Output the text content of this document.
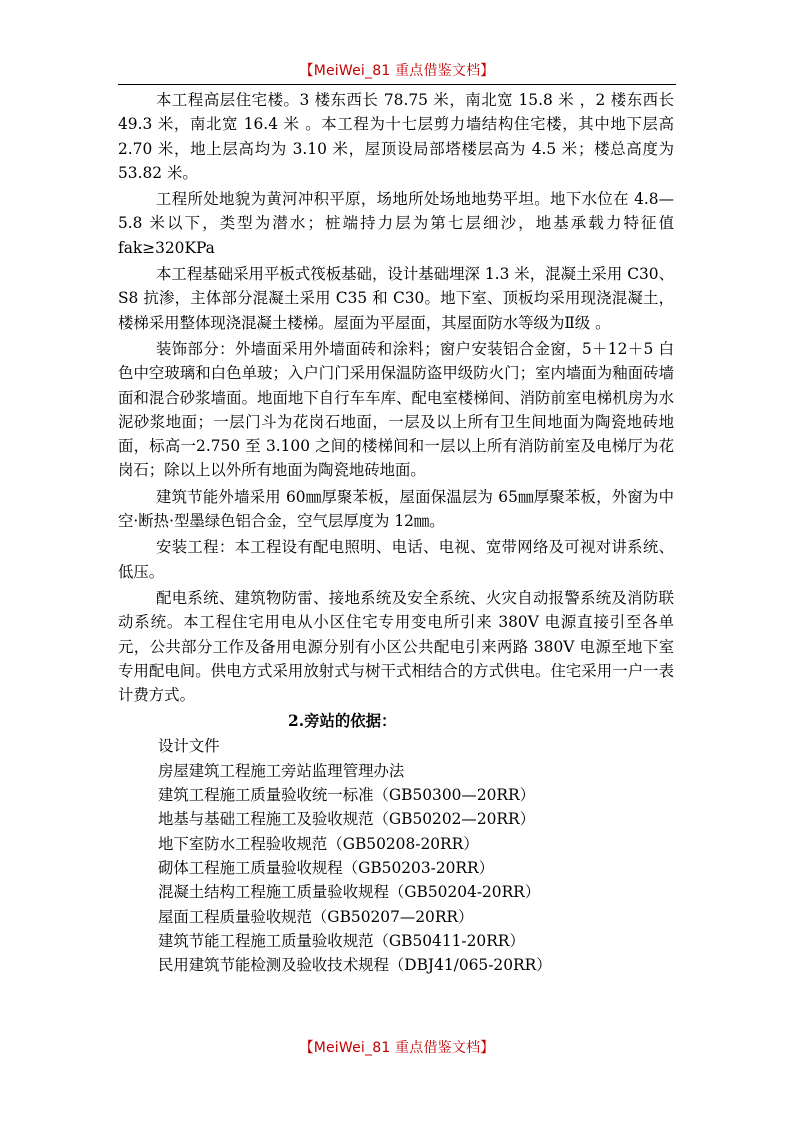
【MeiWei_81 重点借鉴文档】

本工程高层住宅楼。3 楼东西长 78.75 米，南北宽 15.8 米 ，2 楼东西长 49.3 米，南北宽 16.4 米 。本工程为十七层剪力墙结构住宅楼，其中地下层高 2.70 米，地上层高均为 3.10 米，屋顶设局部塔楼层高为 4.5 米；楼总高度为 53.82 米。

工程所处地貌为黄河冲积平原，场地所处场地地势平坦。地下水位在 4.8—5.8 米以下，类型为潜水；桩端持力层为第七层细沙，地基承载力特征值 fak≥320KPa

本工程基础采用平板式筏板基础，设计基础埋深 1.3 米，混凝土采用 C30、S8 抗渗，主体部分混凝土采用 C35 和 C30。地下室、顶板均采用现浇混凝土，楼梯采用整体现浇混凝土楼梯。屋面为平屋面，其屋面防水等级为Ⅱ级 。

装饰部分：外墙面采用外墙面砖和涂料；窗户安装铝合金窗，5＋12＋5 白色中空玻璃和白色单玻；入户门门采用保温防盗甲级防火门；室内墙面为釉面砖墙面和混合砂浆墙面。地面地下自行车车库、配电室楼梯间、消防前室电梯机房为水泥砂浆地面；一层门斗为花岗石地面，一层及以上所有卫生间地面为陶瓷地砖地面，标高一2.750 至 3.100 之间的楼梯间和一层以上所有消防前室及电梯厅为花岗石；除以上以外所有地面为陶瓷地砖地面。

建筑节能外墙采用 60㎜厚聚苯板，屋面保温层为 65㎜厚聚苯板，外窗为中空·断热·型墨绿色铝合金，空气层厚度为 12㎜。

安装工程：本工程设有配电照明、电话、电视、宽带网络及可视对讲系统、低压。

配电系统、建筑物防雷、接地系统及安全系统、火灾自动报警系统及消防联动系统。本工程住宅用电从小区住宅专用变电所引来 380V 电源直接引至各单元，公共部分工作及备用电源分别有小区公共配电引来两路 380V 电源至地下室专用配电间。供电方式采用放射式与树干式相结合的方式供电。住宅采用一户一表计费方式。

2.旁站的依据：
设计文件
房屋建筑工程施工旁站监理管理办法
建筑工程施工质量验收统一标准（GB50300—20RR）
地基与基础工程施工及验收规范（GB50202—20RR）
地下室防水工程验收规范（GB50208-20RR）
砌体工程施工质量验收规程（GB50203-20RR）
混凝土结构工程施工质量验收规程（GB50204-20RR）
屋面工程质量验收规范（GB50207—20RR）
建筑节能工程施工质量验收规范（GB50411-20RR）
民用建筑节能检测及验收技术规程（DBJ41/065-20RR）
【MeiWei_81 重点借鉴文档】
